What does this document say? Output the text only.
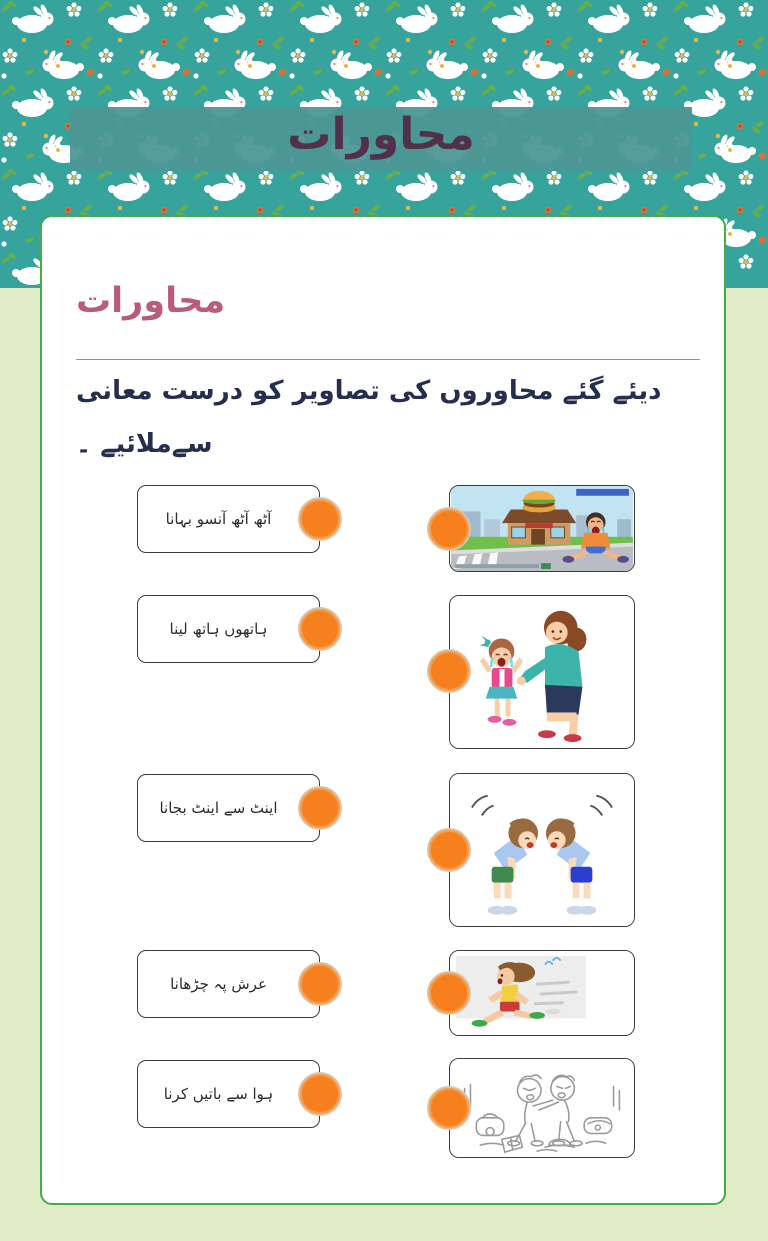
محاورات
محاورات
دیئے گئے محاوروں کی تصاویر کو درست معانی سےملائیے ۔
آٹھ آٹھ آنسو بہانا
ہاتھوں ہاتھ لینا
اینٹ سے اینٹ بجانا
عرش پہ چڑھانا
ہوا سے باتیں کرنا
